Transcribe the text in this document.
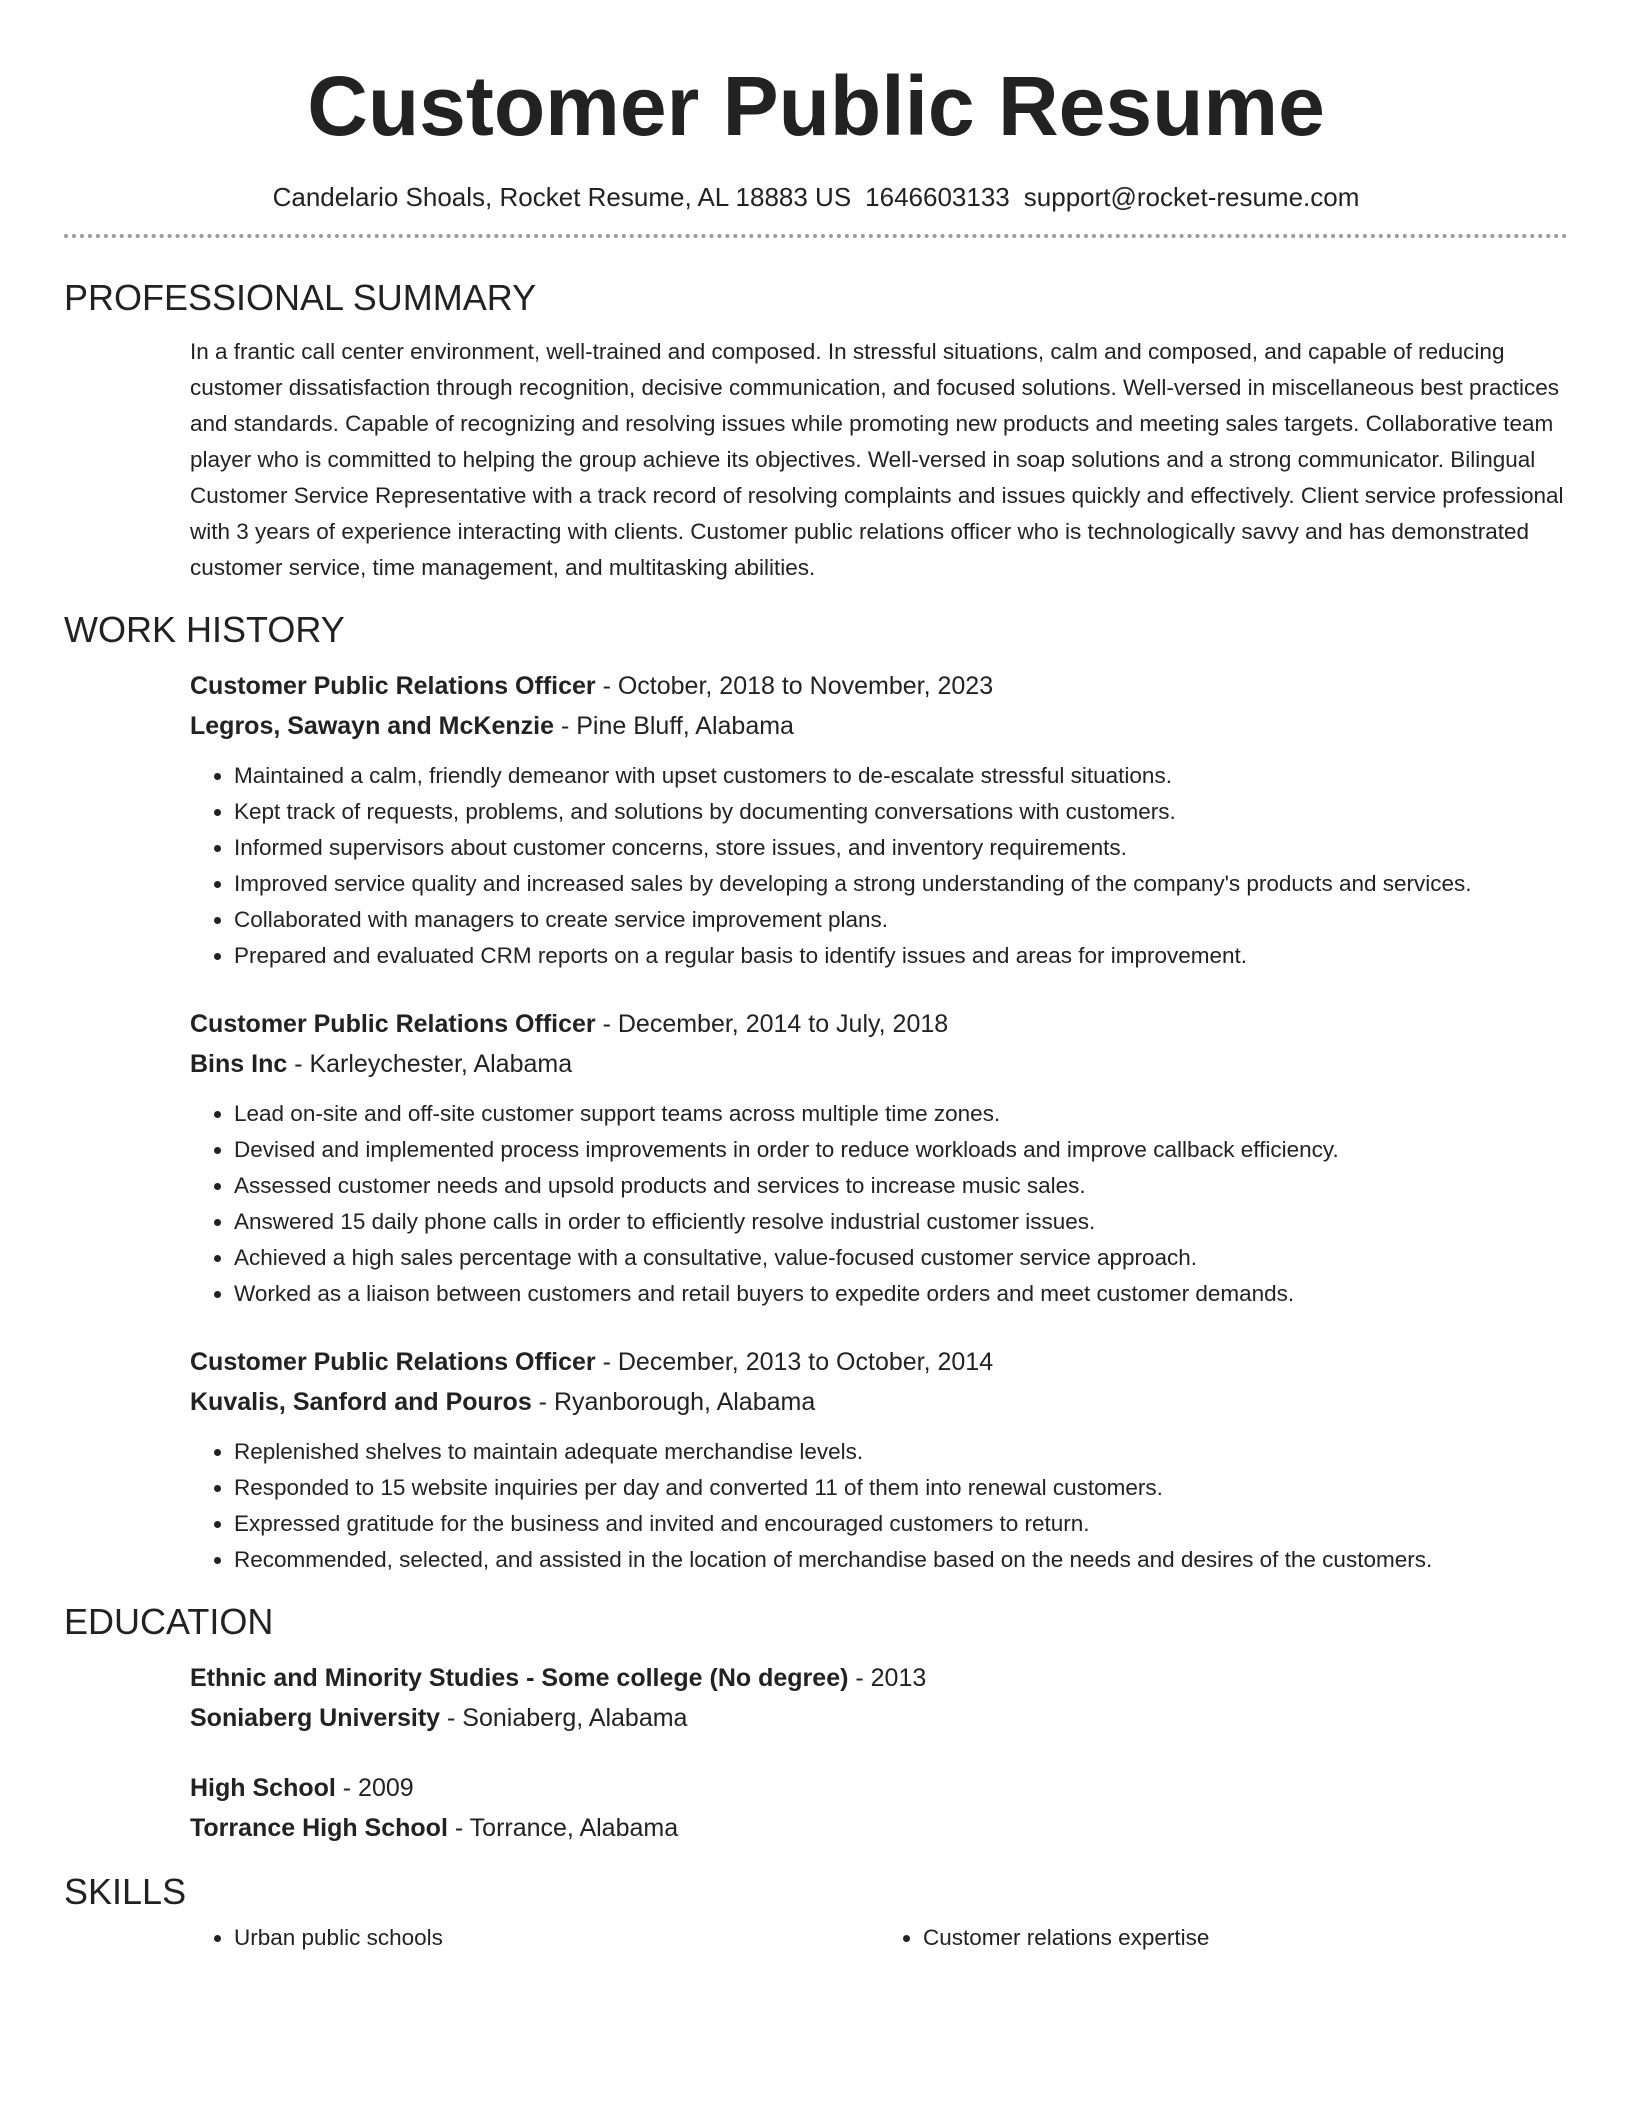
Customer Public Resume
Candelario Shoals, Rocket Resume, AL 18883 US 1646603133 support@rocket-resume.com
PROFESSIONAL SUMMARY

In a frantic call center environment, well-trained and composed. In stressful situations, calm and composed, and capable of reducing customer dissatisfaction through recognition, decisive communication, and focused solutions. Well-versed in miscellaneous best practices and standards. Capable of recognizing and resolving issues while promoting new products and meeting sales targets. Collaborative team player who is committed to helping the group achieve its objectives. Well-versed in soap solutions and a strong communicator. Bilingual Customer Service Representative with a track record of resolving complaints and issues quickly and effectively. Client service professional with 3 years of experience interacting with clients. Customer public relations officer who is technologically savvy and has demonstrated customer service, time management, and multitasking abilities.

WORK HISTORY
Customer Public Relations Officer - October, 2018 to November, 2023
Legros, Sawayn and McKenzie - Pine Bluff, Alabama
• Maintained a calm, friendly demeanor with upset customers to de-escalate stressful situations.
• Kept track of requests, problems, and solutions by documenting conversations with customers.
• Informed supervisors about customer concerns, store issues, and inventory requirements.
• Improved service quality and increased sales by developing a strong understanding of the company's products and services.
• Collaborated with managers to create service improvement plans.
• Prepared and evaluated CRM reports on a regular basis to identify issues and areas for improvement.
Customer Public Relations Officer - December, 2014 to July, 2018
Bins Inc - Karleychester, Alabama
• Lead on-site and off-site customer support teams across multiple time zones.
• Devised and implemented process improvements in order to reduce workloads and improve callback efficiency.
• Assessed customer needs and upsold products and services to increase music sales.
• Answered 15 daily phone calls in order to efficiently resolve industrial customer issues.
• Achieved a high sales percentage with a consultative, value-focused customer service approach.
• Worked as a liaison between customers and retail buyers to expedite orders and meet customer demands.
Customer Public Relations Officer - December, 2013 to October, 2014
Kuvalis, Sanford and Pouros - Ryanborough, Alabama
• Replenished shelves to maintain adequate merchandise levels.
• Responded to 15 website inquiries per day and converted 11 of them into renewal customers.
• Expressed gratitude for the business and invited and encouraged customers to return.
• Recommended, selected, and assisted in the location of merchandise based on the needs and desires of the customers.
EDUCATION
Ethnic and Minority Studies - Some college (No degree) - 2013
Soniaberg University - Soniaberg, Alabama
High School - 2009
Torrance High School - Torrance, Alabama
SKILLS
• Urban public schools
•	Customer relations expertise
